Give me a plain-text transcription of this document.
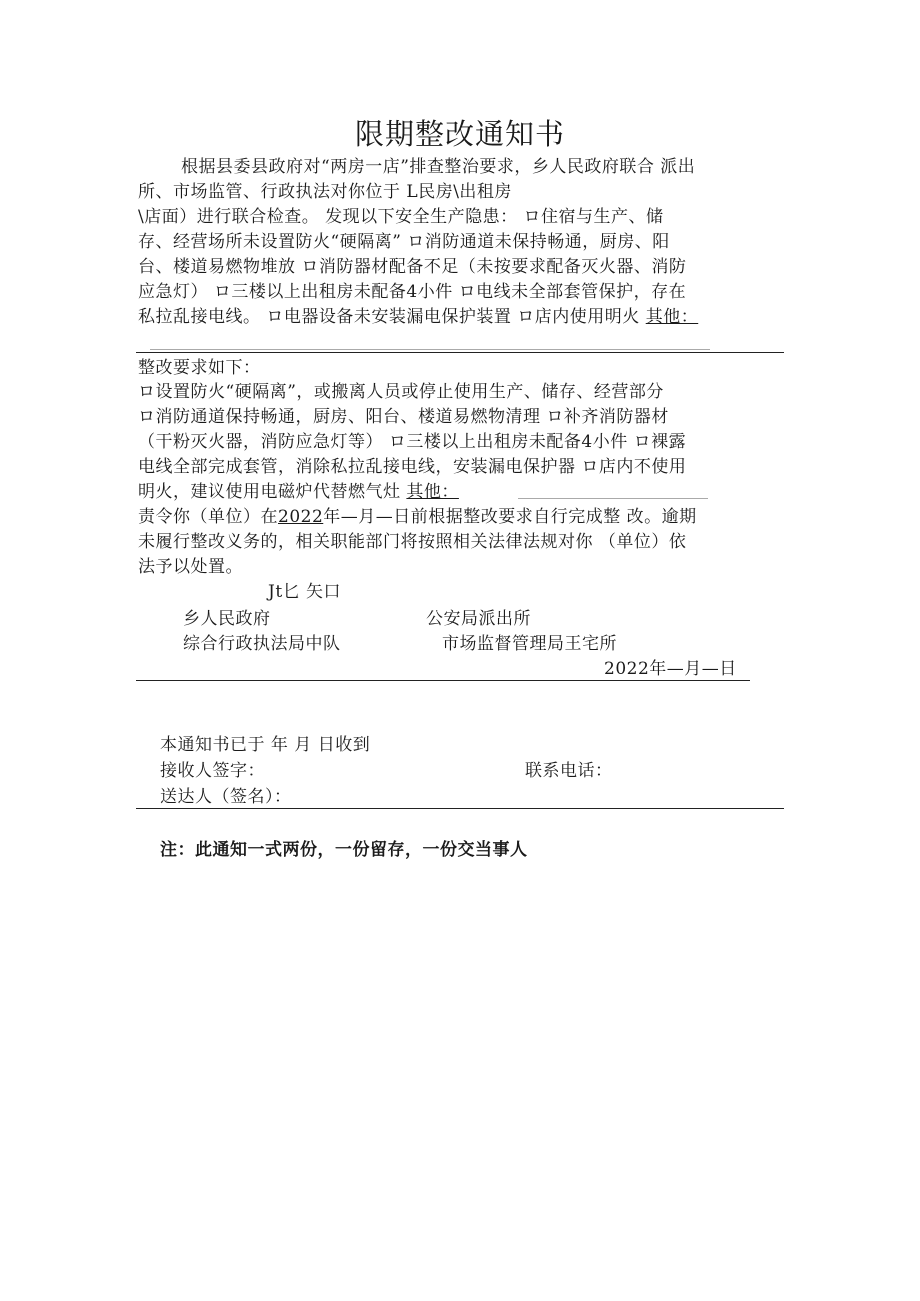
限期整改通知书
根据县委县政府对“两房一店”排查整治要求，乡人民政府联合 派出
所、市场监管、行政执法对你位于 L民房\出租房
\店面）进行联合检查。 发现以下安全生产隐患： ロ住宿与生产、储
存、经营场所未设置防火“硬隔离” ロ消防通道未保持畅通，厨房、阳
台、楼道易燃物堆放 ロ消防器材配备不足（未按要求配备灭火器、消防
应急灯） ロ三楼以上出租房未配备4小件 ロ电线未全部套管保护，存在
私拉乱接电线。 ロ电器设备未安装漏电保护装置 ロ店内使用明火 其他：
整改要求如下：
ロ设置防火“硬隔离”，或搬离人员或停止使用生产、储存、经营部分
ロ消防通道保持畅通，厨房、阳台、楼道易燃物清理 ロ补齐消防器材
（干粉灭火器，消防应急灯等） ロ三楼以上出租房未配备4小件 ロ裸露
电线全部完成套管，消除私拉乱接电线，安装漏电保护器 ロ店内不使用
明火，建议使用电磁炉代替燃气灶 其他：
责令你（单位）在2022年—月—日前根据整改要求自行完成整 改。逾期
未履行整改义务的，相关职能部门将按照相关法律法规对你 （单位）依
法予以处置。
Jt匕 矢口
乡人民政府	公安局派出所
综合行政执法局中队	市场监督管理局王宅所
2022年—月—日
本通知书已于 年 月 日收到
接收人签字：	联系电话：
送达人（签名）：
注：此通知一式两份，一份留存，一份交当事人
